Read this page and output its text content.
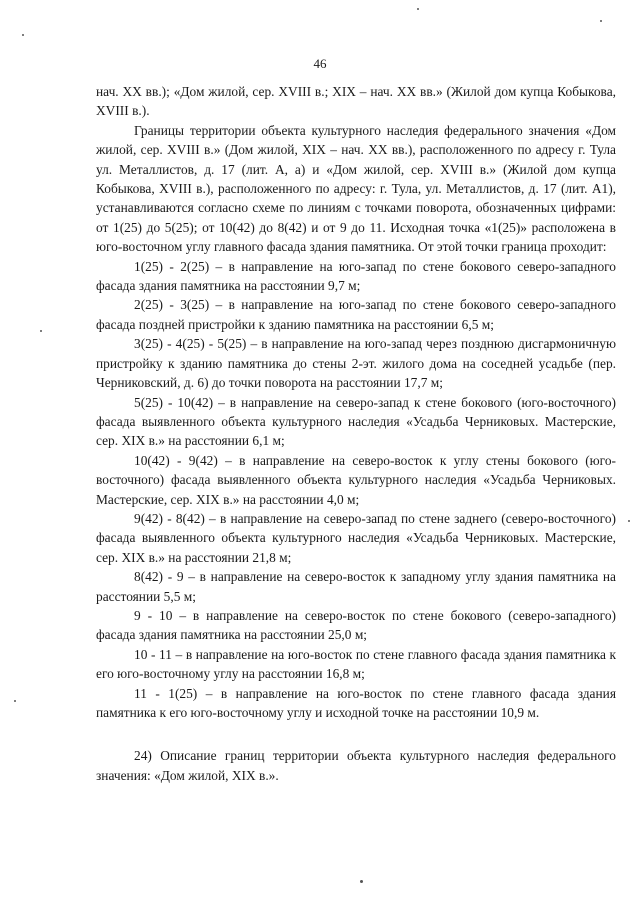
46

нач. XX вв.); «Дом жилой, сер. XVIII в.; XIX – нач. XX вв.» (Жилой дом купца Кобыкова, XVIII в.).

Границы территории объекта культурного наследия федерального значения «Дом жилой, сер. XVIII в.» (Дом жилой, XIX – нач. XX вв.), расположенного по адресу г. Тула ул. Металлистов, д. 17 (лит. А, а) и «Дом жилой, сер. XVIII в.» (Жилой дом купца Кобыкова, XVIII в.), расположенного по адресу: г. Тула, ул. Металлистов, д. 17 (лит. А1), устанавливаются согласно схеме по линиям с точками поворота, обозначенных цифрами: от 1(25) до 5(25); от 10(42) до 8(42) и от 9 до 11. Исходная точка «1(25)» расположена в юго-восточном углу главного фасада здания памятника. От этой точки граница проходит:

1(25) - 2(25) – в направление на юго-запад по стене бокового северо-западного фасада здания памятника на расстоянии 9,7 м;

2(25) - 3(25) – в направление на юго-запад по стене бокового северо-западного фасада поздней пристройки к зданию памятника на расстоянии 6,5 м;

3(25) - 4(25) - 5(25) – в направление на юго-запад через позднюю дисгармоничную пристройку к зданию памятника до стены 2-эт. жилого дома на соседней усадьбе (пер. Черниковский, д. 6) до точки поворота на расстоянии 17,7 м;

5(25) - 10(42) – в направление на северо-запад к стене бокового (юго-восточного) фасада выявленного объекта культурного наследия «Усадьба Черниковых. Мастерские, сер. XIX в.» на расстоянии 6,1 м;

10(42) - 9(42) – в направление на северо-восток к углу стены бокового (юго-восточного) фасада выявленного объекта культурного наследия «Усадьба Черниковых. Мастерские, сер. XIX в.» на расстоянии 4,0 м;

9(42) - 8(42) – в направление на северо-запад по стене заднего (северо-восточного) фасада выявленного объекта культурного наследия «Усадьба Черниковых. Мастерские, сер. XIX в.» на расстоянии 21,8 м;

8(42) - 9 – в направление на северо-восток к западному углу здания памятника на расстоянии 5,5 м;

9 - 10 – в направление на северо-восток по стене бокового (северо-западного) фасада здания памятника на расстоянии 25,0 м;

10 - 11 – в направление на юго-восток по стене главного фасада здания памятника к его юго-восточному углу на расстоянии 16,8 м;

11 - 1(25) – в направление на юго-восток по стене главного фасада здания памятника к его юго-восточному углу и исходной точке на расстоянии 10,9 м.

24) Описание границ территории объекта культурного наследия федерального значения: «Дом жилой, XIX в.».
